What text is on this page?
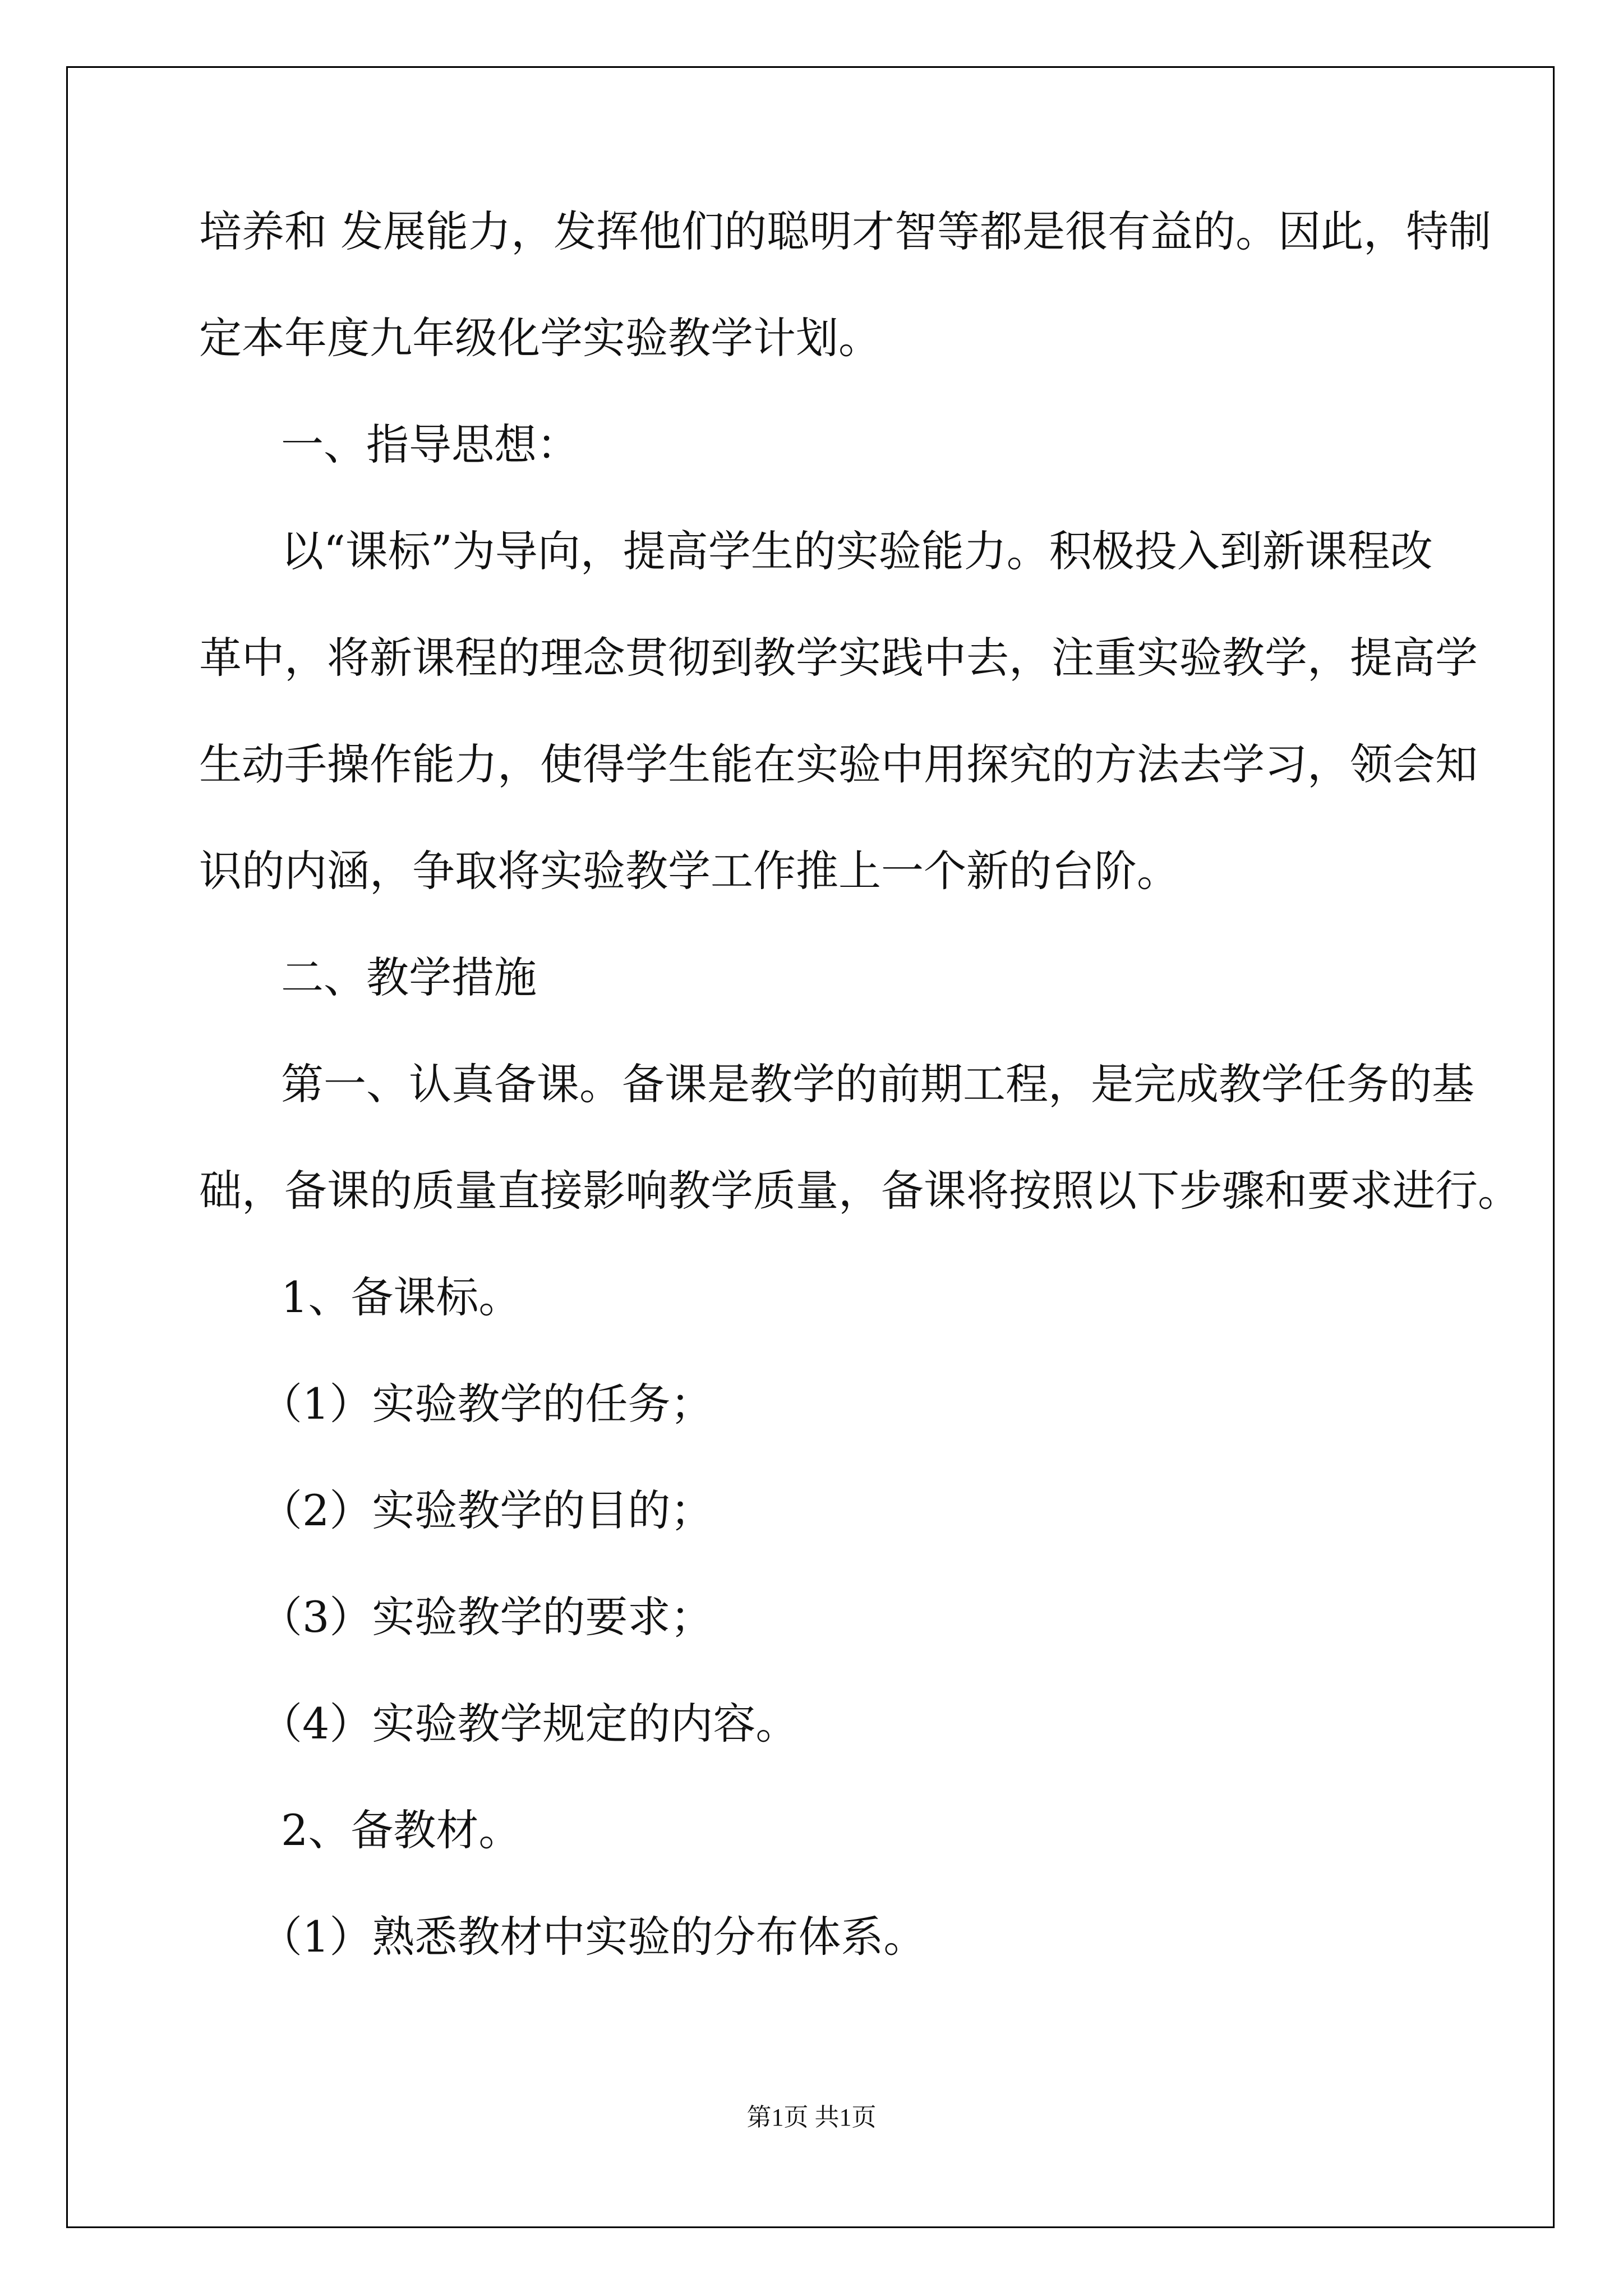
培养和 发展能力，发挥他们的聪明才智等都是很有益的。因此，特制
定本年度九年级化学实验教学计划。
一、指导思想：
以“课标”为导向，提高学生的实验能力。积极投入到新课程改
革中，将新课程的理念贯彻到教学实践中去，注重实验教学，提高学
生动手操作能力，使得学生能在实验中用探究的方法去学习，领会知
识的内涵，争取将实验教学工作推上一个新的台阶。
二、教学措施
第一、认真备课。备课是教学的前期工程，是完成教学任务的基
础，备课的质量直接影响教学质量，备课将按照以下步骤和要求进行。
1、备课标。
（1）实验教学的任务；
（2）实验教学的目的；
（3）实验教学的要求；
（4）实验教学规定的内容。
2、备教材。
（1）熟悉教材中实验的分布体系。
第1页 共1页
